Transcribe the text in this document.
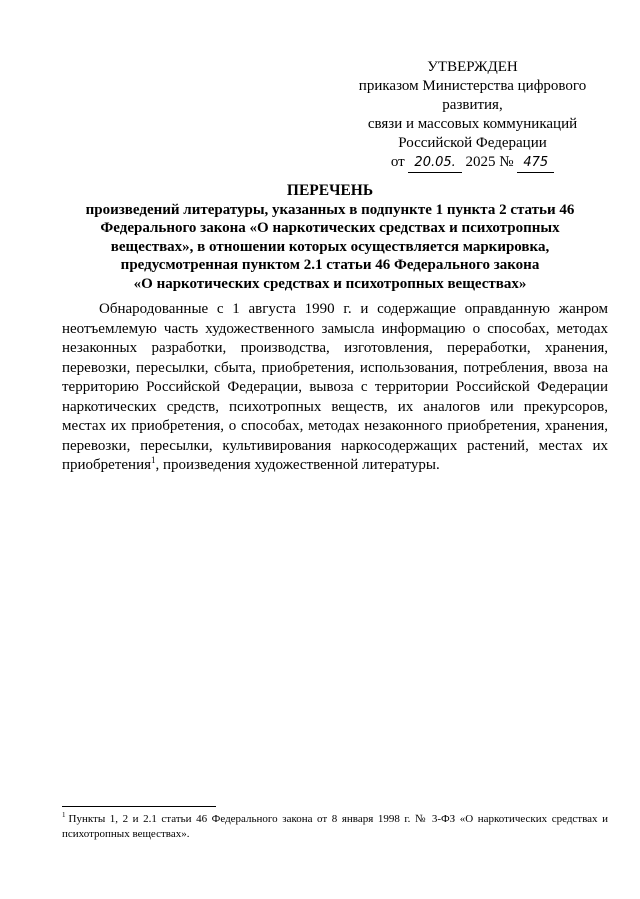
УТВЕРЖДЕН
приказом Министерства цифрового
развития,
связи и массовых коммуникаций
Российской Федерации
от 20.05. 2025 № 475
ПЕРЕЧЕНЬ
произведений литературы, указанных в подпункте 1 пункта 2 статьи 46
Федерального закона «О наркотических средствах и психотропных
веществах», в отношении которых осуществляется маркировка,
предусмотренная пунктом 2.1 статьи 46 Федерального закона
«О наркотических средствах и психотропных веществах»

Обнародованные с 1 августа 1990 г. и содержащие оправданную жанром неотъемлемую часть художественного замысла информацию о способах, методах незаконных разработки, производства, изготовления, переработки, хранения, перевозки, пересылки, сбыта, приобретения, использования, потребления, ввоза на территорию Российской Федерации, вывоза с территории Российской Федерации наркотических средств, психотропных веществ, их аналогов или прекурсоров, местах их приобретения, о способах, методах незаконного приобретения, хранения, перевозки, пересылки, культивирования наркосодержащих растений, местах их приобретения$^1$, произведения художественной литературы.

$^1$ Пункты 1, 2 и 2.1 статьи 46 Федерального закона от 8 января 1998 г. № 3-ФЗ «О наркотических средствах и психотропных веществах».
